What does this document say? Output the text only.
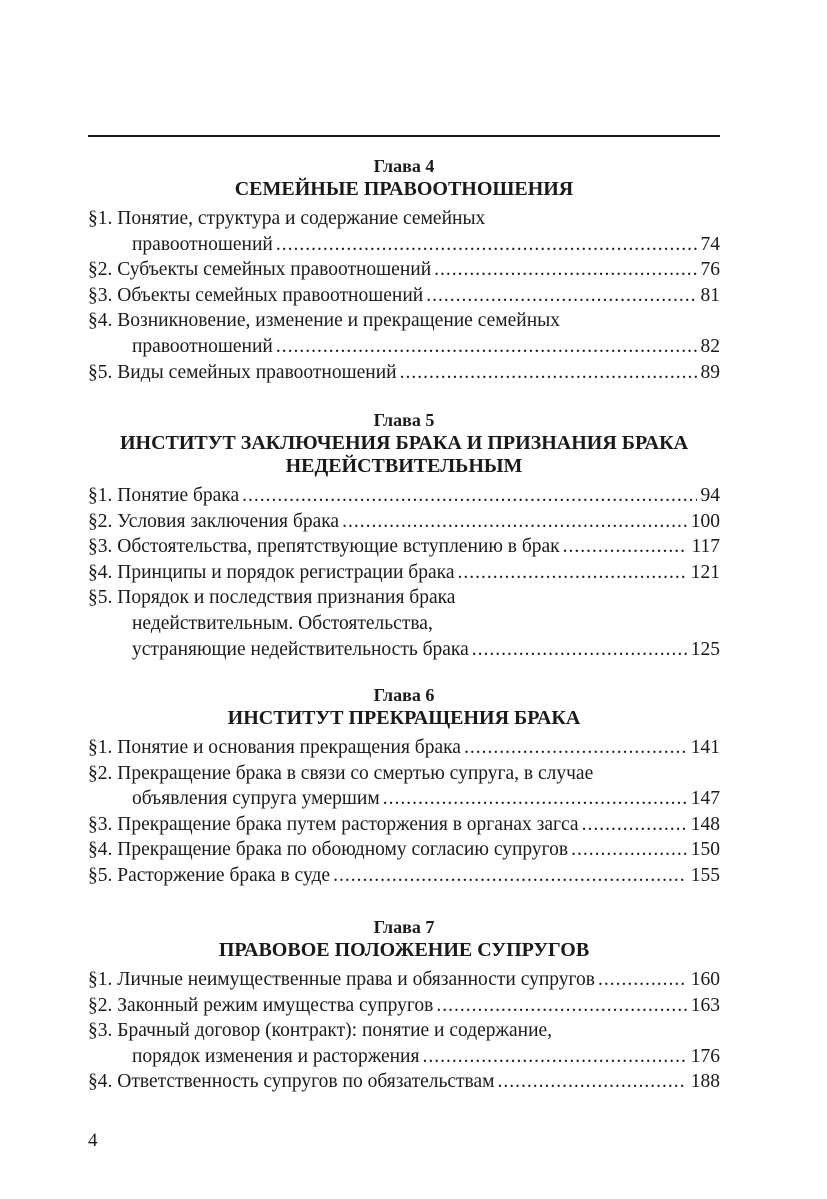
Глава 4
СЕМЕЙНЫЕ ПРАВООТНОШЕНИЯ
§1. Понятие, структура и содержание семейных
правоотношений .....	74
§2. Субъекты семейных правоотношений .....	76
§3. Объекты семейных правоотношений .....	81
§4. Возникновение, изменение и прекращение семейных
правоотношений .....	82
§5. Виды семейных правоотношений .....	89
Глава 5
ИНСТИТУТ ЗАКЛЮЧЕНИЯ БРАКА И ПРИЗНАНИЯ БРАКА
НЕДЕЙСТВИТЕЛЬНЫМ
§1. Понятие брака .....	94
§2. Условия заключения брака .....	100
§3. Обстоятельства, препятствующие вступлению в брак .....	117
§4. Принципы и порядок регистрации брака .....	121
§5. Порядок и последствия признания брака
недействительным. Обстоятельства,
устраняющие недействительность брака .....	125
Глава 6
ИНСТИТУТ ПРЕКРАЩЕНИЯ БРАКА
§1. Понятие и основания прекращения брака .....	141
§2. Прекращение брака в связи со смертью супруга, в случае
объявления супруга умершим .....	147
§3. Прекращение брака путем расторжения в органах загса .....	148
§4. Прекращение брака по обоюдному согласию супругов .....	150
§5. Расторжение брака в суде .....	155
Глава 7
ПРАВОВОЕ ПОЛОЖЕНИЕ СУПРУГОВ
§1. Личные неимущественные права и обязанности супругов .....	160
§2. Законный режим имущества супругов .....	163
§3. Брачный договор (контракт): понятие и содержание,
порядок изменения и расторжения .....	176
§4. Ответственность супругов по обязательствам .....	188
4
